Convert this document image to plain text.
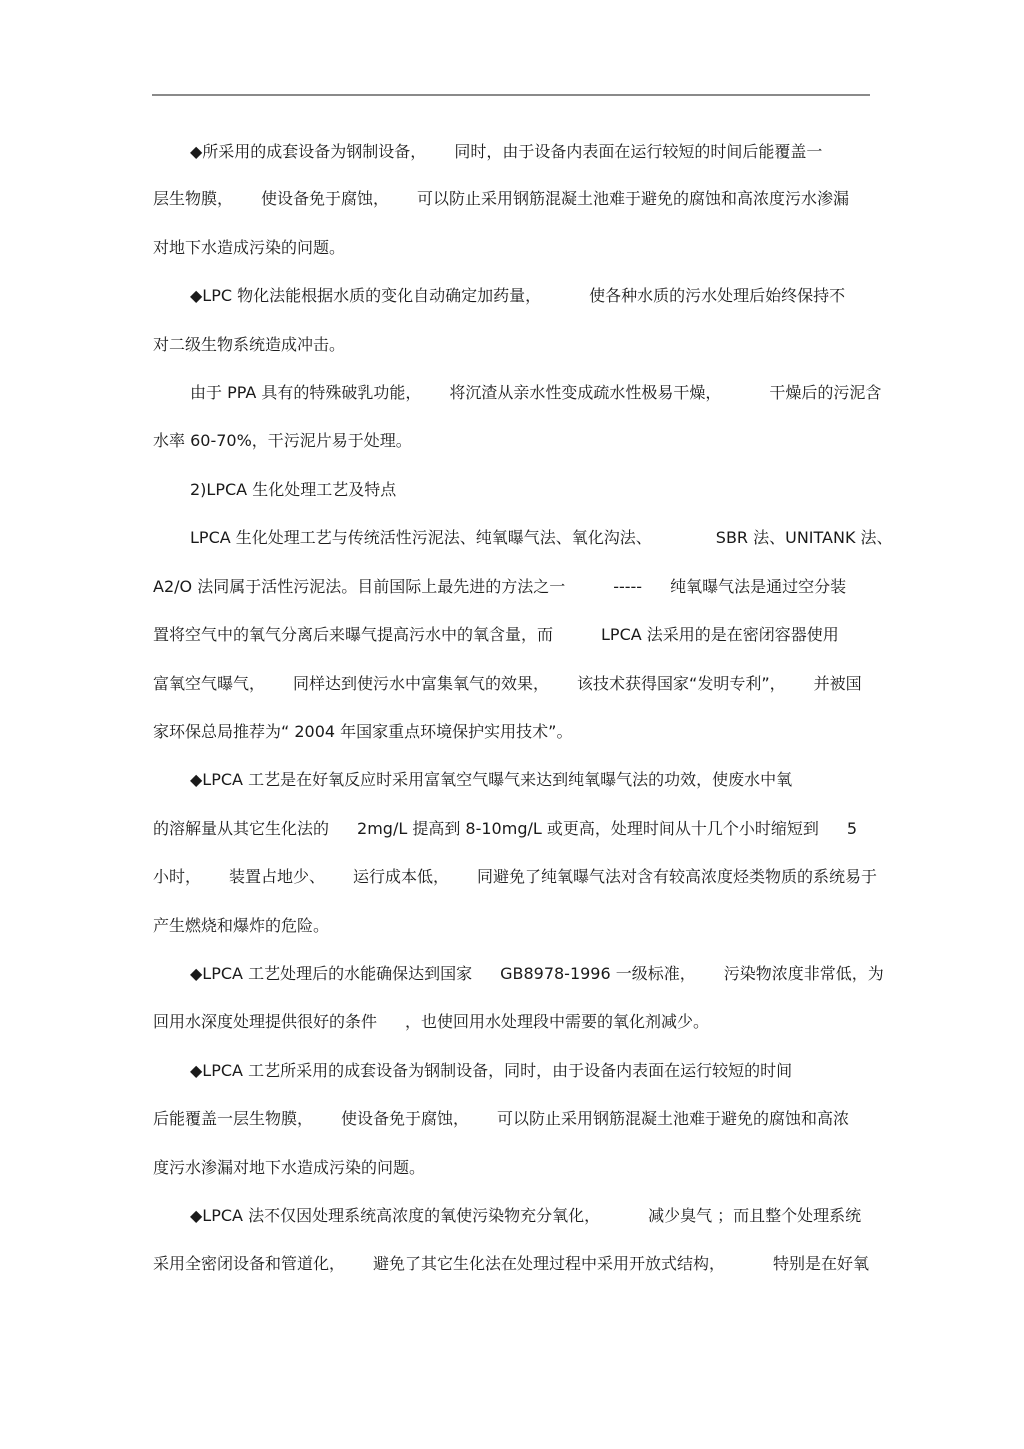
◆所采用的成套设备为钢制设备， 同时，由于设备内表面在运行较短的时间后能覆盖一
层生物膜， 使设备免于腐蚀， 可以防止采用钢筋混凝土池难于避免的腐蚀和高浓度污水渗漏
对地下水造成污染的问题。
◆LPC 物化法能根据水质的变化自动确定加药量，	使各种水质的污水处理后始终保持不
对二级生物系统造成冲击。
由于 PPA 具有的特殊破乳功能， 将沉渣从亲水性变成疏水性极易干燥，	干燥后的污泥含
水率 60-70%，干污泥片易于处理。
2)LPCA 生化处理工艺及特点
LPCA 生化处理工艺与传统活性污泥法、纯氧曝气法、氧化沟法、	SBR 法、UNITANK 法、
A2/O 法同属于活性污泥法。目前国际上最先进的方法之一	----- 纯氧曝气法是通过空分装
置将空气中的氧气分离后来曝气提高污水中的氧含量，而	LPCA 法采用的是在密闭容器使用
富氧空气曝气， 同样达到使污水中富集氧气的效果， 该技术获得国家“发明专利”， 并被国
家环保总局推荐为“ 2004 年国家重点环境保护实用技术”。
◆LPCA 工艺是在好氧反应时采用富氧空气曝气来达到纯氧曝气法的功效，使废水中氧
的溶解量从其它生化法的 2mg/L 提高到 8-10mg/L 或更高，处理时间从十几个小时缩短到 5
小时， 装置占地少、 运行成本低， 同避免了纯氧曝气法对含有较高浓度烃类物质的系统易于
产生燃烧和爆炸的危险。
◆LPCA 工艺处理后的水能确保达到国家 GB8978-1996 一级标准， 污染物浓度非常低，为
回用水深度处理提供很好的条件 ，也使回用水处理段中需要的氧化剂减少。
◆LPCA 工艺所采用的成套设备为钢制设备，同时，由于设备内表面在运行较短的时间
后能覆盖一层生物膜， 使设备免于腐蚀， 可以防止采用钢筋混凝土池难于避免的腐蚀和高浓
度污水渗漏对地下水造成污染的问题。
◆LPCA 法不仅因处理系统高浓度的氧使污染物充分氧化，	减少臭气 ；而且整个处理系统
采用全密闭设备和管道化， 避免了其它生化法在处理过程中采用开放式结构，	特别是在好氧
